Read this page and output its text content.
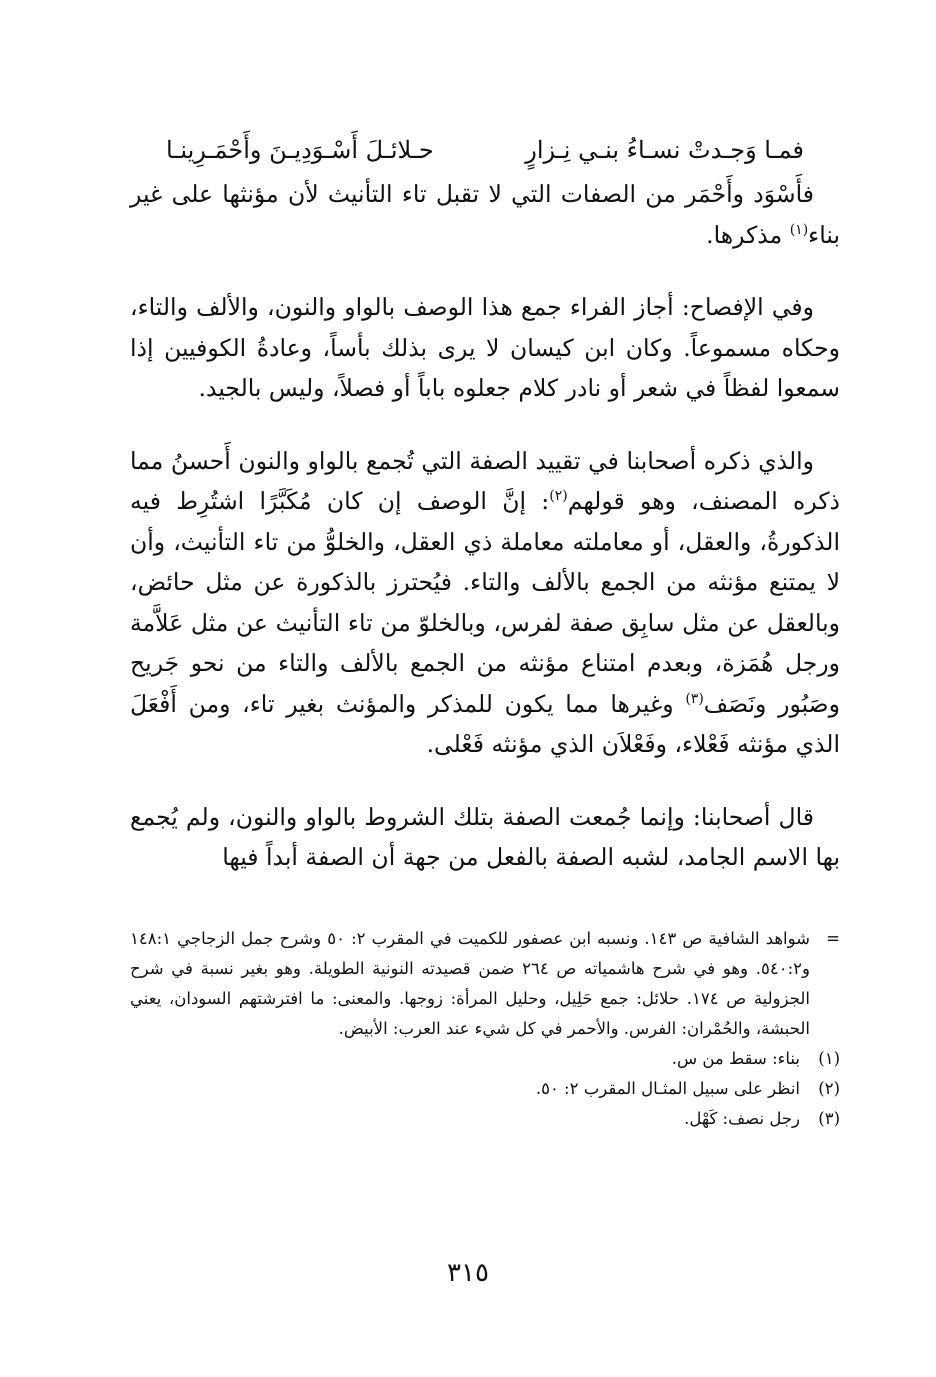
فمـا وَجـدتْ نسـاءُ بنـي نِـزارٍ
حـلائـلَ أَسْـوَدِيـنَ وأَحْمَـرِينـا

فأَسْوَد وأَحْمَر من الصفات التي لا تقبل تاء التأنيث لأن مؤنثها على غير بناء$^{(١)}$ مذكرها.

وفي الإفصاح: أجاز الفراء جمع هذا الوصف بالواو والنون، والألف والتاء، وحكاه مسموعاً. وكان ابن كيسان لا يرى بذلك بأساً، وعادةُ الكوفيين إذا سمعوا لفظاً في شعر أو نادر كلام جعلوه باباً أو فصلاً، وليس بالجيد.

والذي ذكره أصحابنا في تقييد الصفة التي تُجمع بالواو والنون أَحسنُ مما ذكره المصنف، وهو قولهم$^{(٢)}$: إنَّ الوصف إن كان مُكَبَّرًا اشتُرِط فيه الذكورةُ، والعقل، أو معاملته معاملة ذي العقل، والخلوُّ من تاء التأنيث، وأن لا يمتنع مؤنثه من الجمع بالألف والتاء. فيُحترز بالذكورة عن مثل حائض، وبالعقل عن مثل سابِق صفة لفرس، وبالخلوّ من تاء التأنيث عن مثل عَلاَّمة ورجل هُمَزة، وبعدم امتناع مؤنثه من الجمع بالألف والتاء من نحو جَريح وصَبُور ونَصَف$^{(٣)}$ وغيرها مما يكون للمذكر والمؤنث بغير تاء، ومن أَفْعَلَ الذي مؤنثه فَعْلاء، وفَعْلاَن الذي مؤنثه فَعْلى.

قال أصحابنا: وإنما جُمعت الصفة بتلك الشروط بالواو والنون، ولم يُجمع بها الاسم الجامد، لشبه الصفة بالفعل من جهة أن الصفة أبداً فيها

=
شواهد الشافية ص ١٤٣. ونسبه ابن عصفور للكميت في المقرب ٢: ٥٠ وشرح جمل الزجاجي ١٤٨:١ و٥٤٠:٢. وهو في شرح هاشمياته ص ٢٦٤ ضمن قصيدته النونية الطويلة. وهو بغير نسبة في شرح الجزولية ص ١٧٤. حلائل: جمع حَلِيل، وحليل المرأة: زوجها. والمعنى: ما افترشتهم السودان، يعني الحبشة، والحُمْران: الفرس. والأحمر في كل شيء عند العرب: الأبيض.
(١)
بناء: سقط من س.
(٢)
انظر على سبيل المثـال المقرب ٢: ٥٠.
(٣)
رجل نصف: كَهْل.
٣١٥
